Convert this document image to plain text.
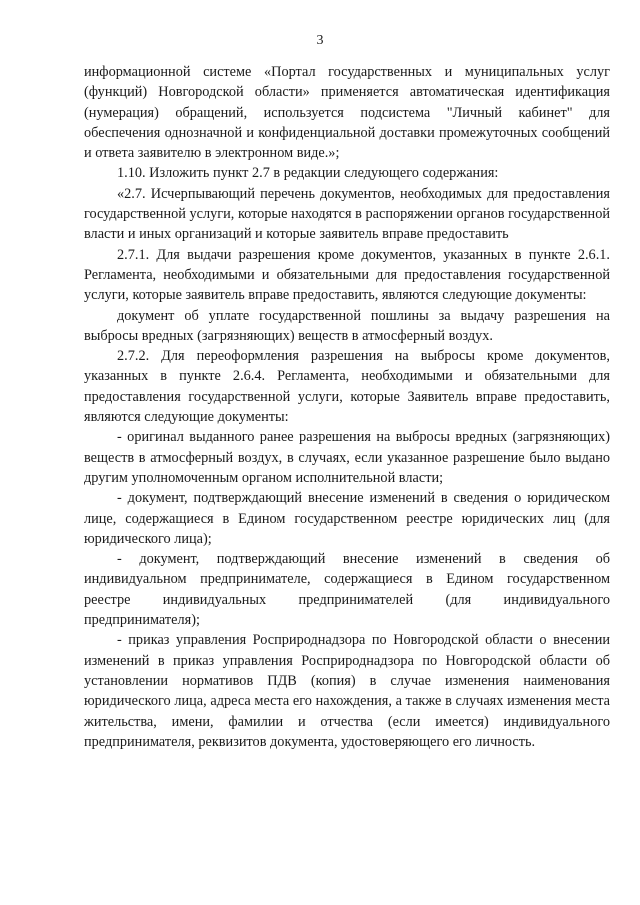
3

информационной системе «Портал государственных и муниципальных услуг (функций) Новгородской области» применяется автоматическая идентификация (нумерация) обращений, используется подсистема "Личный кабинет" для обеспечения однозначной и конфиденциальной доставки промежуточных сообщений и ответа заявителю в электронном виде.»;

1.10. Изложить пункт 2.7 в редакции следующего содержания:

«2.7. Исчерпывающий перечень документов, необходимых для предоставления государственной услуги, которые находятся в распоряжении органов государственной власти и иных организаций и которые заявитель вправе предоставить

2.7.1. Для выдачи разрешения кроме документов, указанных в пункте 2.6.1. Регламента, необходимыми и обязательными для предоставления государственной услуги, которые заявитель вправе предоставить, являются следующие документы:

документ об уплате государственной пошлины за выдачу разрешения на выбросы вредных (загрязняющих) веществ в атмосферный воздух.

2.7.2. Для переоформления разрешения на выбросы кроме документов, указанных в пункте 2.6.4. Регламента, необходимыми и обязательными для предоставления государственной услуги, которые Заявитель вправе предоставить, являются следующие документы:

- оригинал выданного ранее разрешения на выбросы вредных (загрязняющих) веществ в атмосферный воздух, в случаях, если указанное разрешение было выдано другим уполномоченным органом исполнительной власти;

- документ, подтверждающий внесение изменений в сведения о юридическом лице, содержащиеся в Едином государственном реестре юридических лиц (для юридического лица);

- документ, подтверждающий внесение изменений в сведения об индивидуальном предпринимателе, содержащиеся в Едином государственном реестре индивидуальных предпринимателей (для индивидуального предпринимателя);

- приказ управления Росприроднадзора по Новгородской области о внесении изменений в приказ управления Росприроднадзора по Новгородской области об установлении нормативов ПДВ (копия) в случае изменения наименования юридического лица, адреса места его нахождения, а также в случаях изменения места жительства, имени, фамилии и отчества (если имеется) индивидуального предпринимателя, реквизитов документа, удостоверяющего его личность.
